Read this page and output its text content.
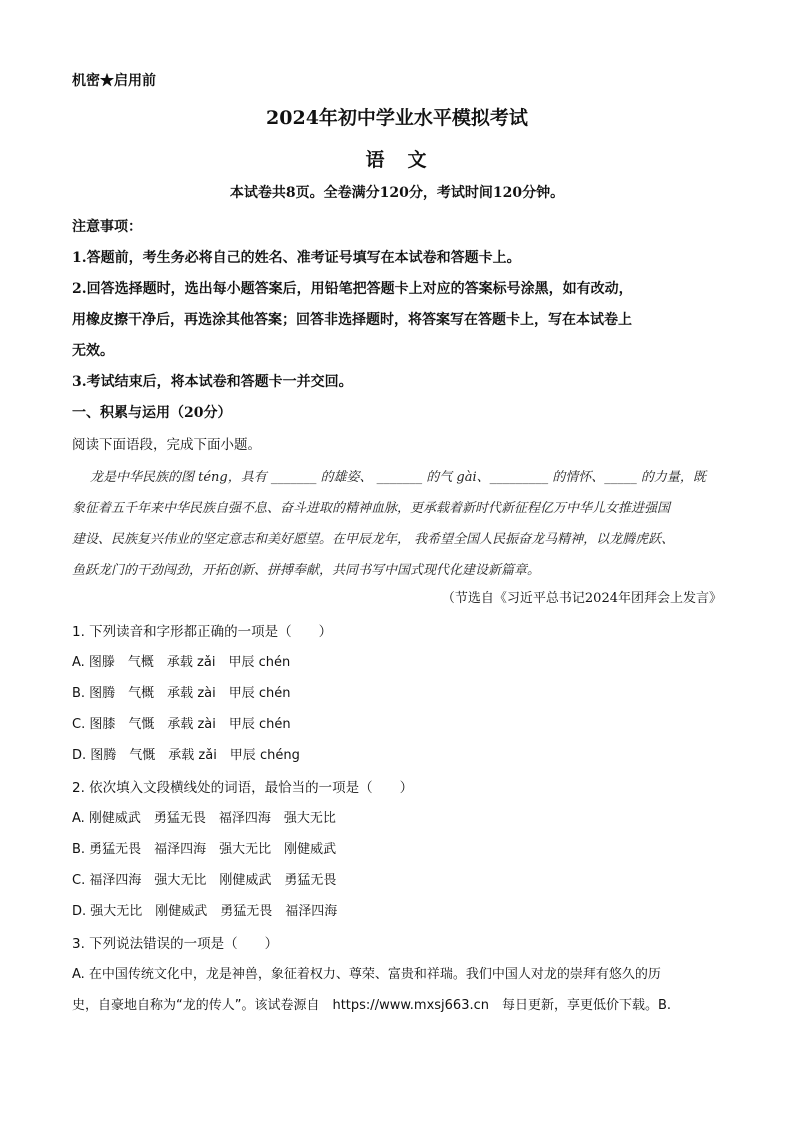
机密★启用前
2024年初中学业水平模拟考试
语　文
本试卷共8页。全卷满分120分，考试时间120分钟。
注意事项：
1.答题前，考生务必将自己的姓名、准考证号填写在本试卷和答题卡上。
2.回答选择题时，选出每小题答案后，用铅笔把答题卡上对应的答案标号涂黑，如有改动，
用橡皮擦干净后，再选涂其他答案；回答非选择题时，将答案写在答题卡上，写在本试卷上
无效。
3.考试结束后，将本试卷和答题卡一并交回。
一、积累与运用（20分）
阅读下面语段，完成下面小题。
龙是中华民族的图 téng，具有 _______ 的雄姿、 _______ 的气 gài、_________ 的情怀、_____ 的力量，既
象征着五千年来中华民族自强不息、奋斗进取的精神血脉，更承载着新时代新征程亿万中华儿女推进强国
建设、民族复兴伟业的坚定意志和美好愿望。在甲辰龙年， 我希望全国人民振奋龙马精神，以龙腾虎跃、
鱼跃龙门的干劲闯劲，开拓创新、拼搏奉献，共同书写中国式现代化建设新篇章。
（节选自《习近平总书记2024年团拜会上发言》
1. 下列读音和字形都正确的一项是（　　）
A. 图滕　气概　承载 zǎi　甲辰 chén
B. 图腾　气概　承载 zài　甲辰 chén
C. 图膝　气慨　承载 zài　甲辰 chén
D. 图腾　气慨　承载 zǎi　甲辰 chéng
2. 依次填入文段横线处的词语，最恰当的一项是（　　）
A. 刚健威武　勇猛无畏　福泽四海　强大无比
B. 勇猛无畏　福泽四海　强大无比　刚健威武
C. 福泽四海　强大无比　刚健威武　勇猛无畏
D. 强大无比　刚健威武　勇猛无畏　福泽四海
3. 下列说法错误的一项是（　　）
A. 在中国传统文化中，龙是神兽，象征着权力、尊荣、富贵和祥瑞。我们中国人对龙的崇拜有悠久的历
史，自豪地自称为“龙的传人”。该试卷源自　https://www.mxsj663.cn　每日更新，享更低价下载。B.
